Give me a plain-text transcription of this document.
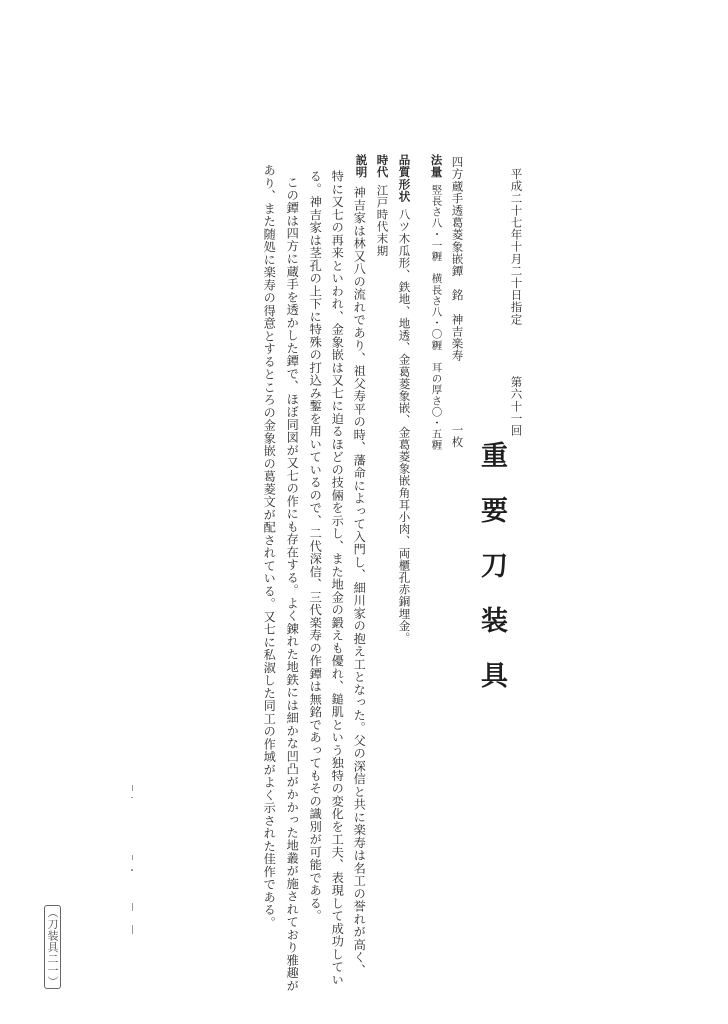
平成二十七年十月二十日指定
第六十一回
重要刀装具
四方蔵手透葛菱象嵌鐔　銘　神吉楽寿
一枚
法量竪長さ八・一糎　横長さ八・〇糎　耳の厚さ〇・五糎
品質形状八ツ木瓜形、鉄地、地透、金葛菱象嵌、金葛菱象嵌角耳小肉、両櫃孔赤銅埋金。
時代江戸時代末期
説明
神吉家は林又八の流れであり、祖父寿平の時、藩命によって入門し、細川家の抱え工となった。父の深信と共に楽寿は名工の誉れが高く、
特に又七の再来といわれ、金象嵌は又七に迫るほどの技倆を示し、また地金の鍛えも優れ、鎚肌という独特の変化を工夫、表現して成功してい
る。神吉家は茎孔の上下に特殊の打込み鏨を用いているので、二代深信、三代楽寿の作鐔は無銘であってもその識別が可能である。
この鐔は四方に蔵手を透かした鐔で、ほぼ同図が又七の作にも存在する。よく錬れた地鉄には細かな凹凸がかかった地叢が施されており雅趣が
あり、また随処に楽寿の得意とするところの金象嵌の葛菱文が配されている。又七に私淑した同工の作域がよく示された佳作である。
（刀装具二一）
